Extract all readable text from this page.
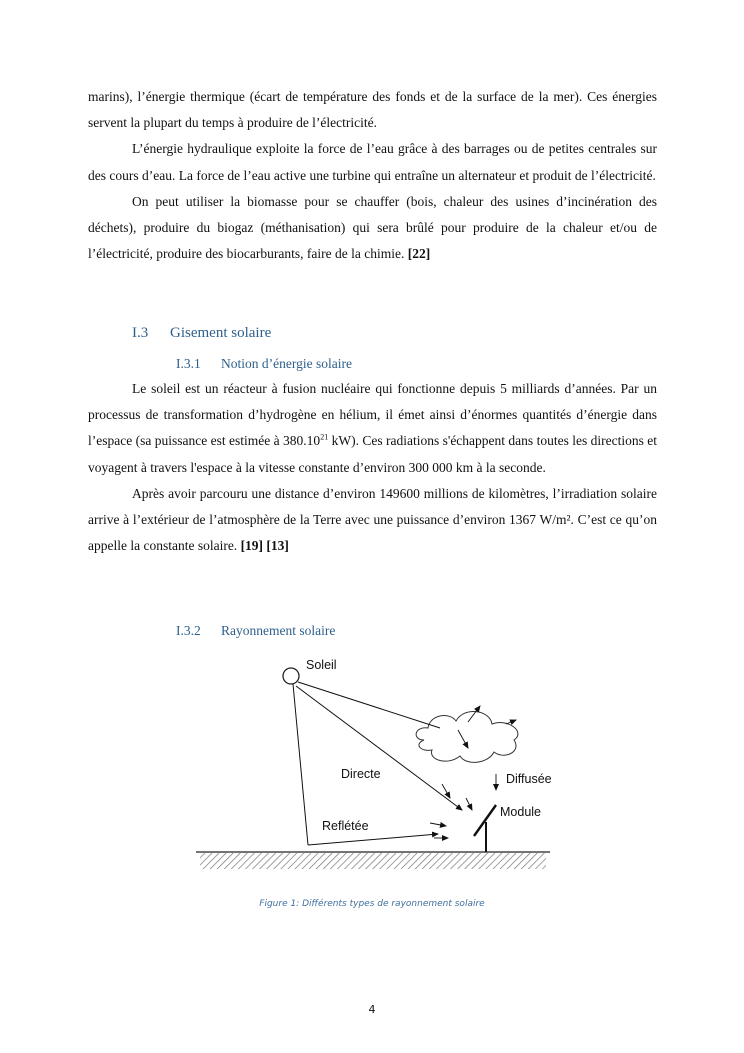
marins), l’énergie thermique (écart de température des fonds et de la surface de la mer). Ces énergies servent la plupart du temps à produire de l’électricité.

L’énergie hydraulique exploite la force de l’eau grâce à des barrages ou de petites centrales sur des cours d’eau. La force de l’eau active une turbine qui entraîne un alternateur et produit de l’électricité.

On peut utiliser la biomasse pour se chauffer (bois, chaleur des usines d’incinération des déchets), produire du biogaz (méthanisation) qui sera brûlé pour produire de la chaleur et/ou de l’électricité, produire des biocarburants, faire de la chimie. [22]

I.3 Gisement solaire
I.3.1 Notion d’énergie solaire

Le soleil est un réacteur à fusion nucléaire qui fonctionne depuis 5 milliards d’années. Par un processus de transformation d’hydrogène en hélium, il émet ainsi d’énormes quantités d’énergie dans l’espace (sa puissance est estimée à 380.10$^{21}$ kW). Ces radiations s'échappent dans toutes les directions et voyagent à travers l'espace à la vitesse constante d’environ 300 000 km à la seconde.

Après avoir parcouru une distance d’environ 149600 millions de kilomètres, l’irradiation solaire arrive à l’extérieur de l’atmosphère de la Terre avec une puissance d’environ 1367 W/m². C’est ce qu’on appelle la constante solaire. [19] [13]

I.3.2 Rayonnement solaire
Soleil
Directe	Diffusée
Reflétée
Module
Figure 1: Différents types de rayonnement solaire
4
